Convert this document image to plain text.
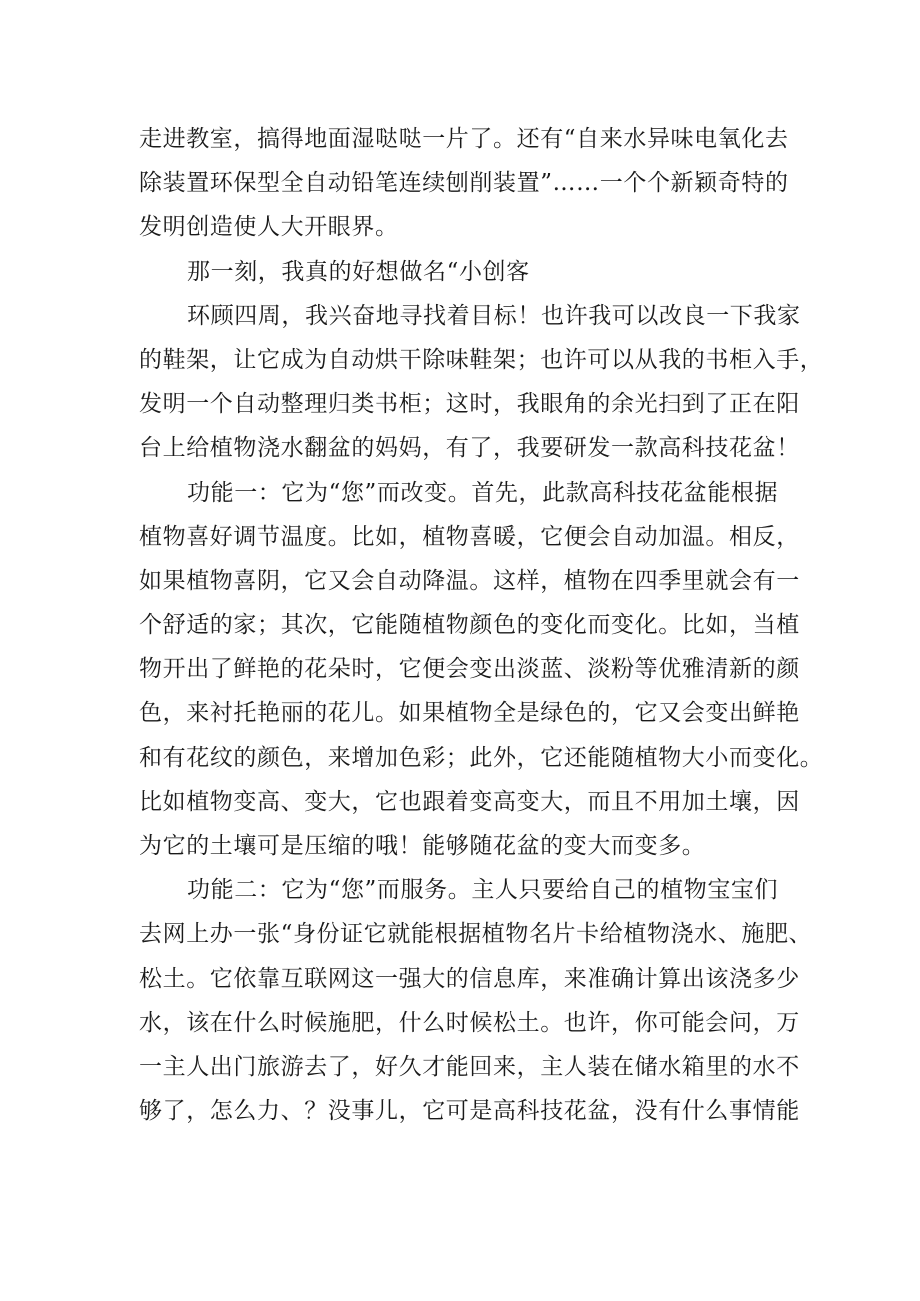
走进教室，搞得地面湿哒哒一片了。还有“自来水异味电氧化去
除装置环保型全自动铅笔连续刨削装置”……一个个新颖奇特的
发明创造使人大开眼界。
那一刻，我真的好想做名“小创客
环顾四周，我兴奋地寻找着目标！也许我可以改良一下我家
的鞋架，让它成为自动烘干除味鞋架；也许可以从我的书柜入手，
发明一个自动整理归类书柜；这时，我眼角的余光扫到了正在阳
台上给植物浇水翻盆的妈妈，有了，我要研发一款高科技花盆！
功能一：它为“您”而改变。首先，此款高科技花盆能根据
植物喜好调节温度。比如，植物喜暖，它便会自动加温。相反，
如果植物喜阴，它又会自动降温。这样，植物在四季里就会有一
个舒适的家；其次，它能随植物颜色的变化而变化。比如，当植
物开出了鲜艳的花朵时，它便会变出淡蓝、淡粉等优雅清新的颜
色，来衬托艳丽的花儿。如果植物全是绿色的，它又会变出鲜艳
和有花纹的颜色，来增加色彩；此外，它还能随植物大小而变化。
比如植物变高、变大，它也跟着变高变大，而且不用加土壤，因
为它的土壤可是压缩的哦！能够随花盆的变大而变多。
功能二：它为“您”而服务。主人只要给自己的植物宝宝们
去网上办一张“身份证它就能根据植物名片卡给植物浇水、施肥、
松土。它依靠互联网这一强大的信息库，来准确计算出该浇多少
水，该在什么时候施肥，什么时候松土。也许，你可能会问，万
一主人出门旅游去了，好久才能回来，主人装在储水箱里的水不
够了，怎么力、？没事儿，它可是高科技花盆，没有什么事情能
